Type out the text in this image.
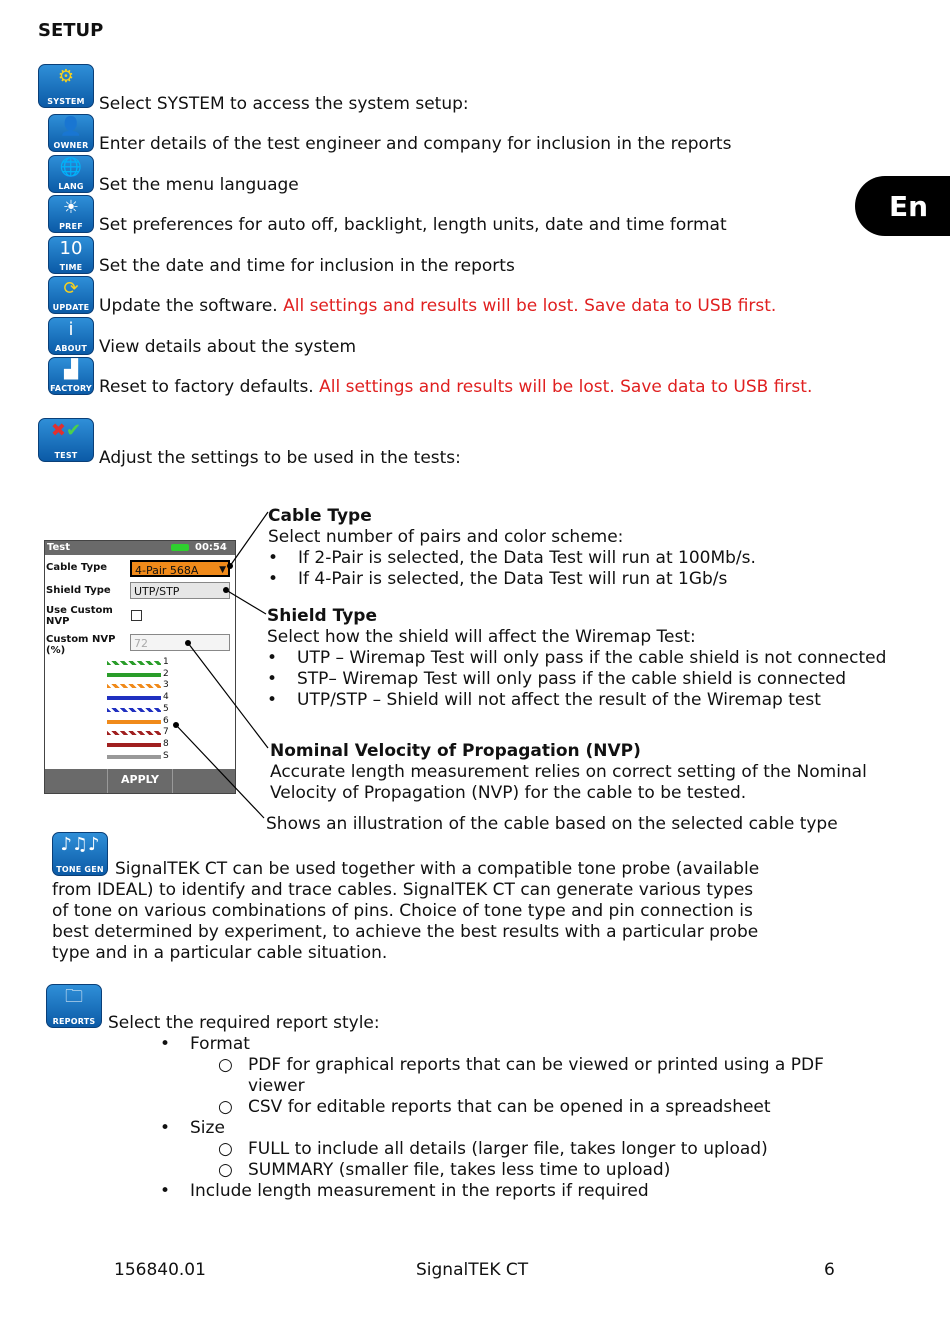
SETUP
En
⚙
SYSTEM Select SYSTEM to access the system setup:
👤
OWNER Enter details of the test engineer and company for inclusion in the reports
🌐
LANG Set the menu language
☀
PREF Set preferences for auto off, backlight, length units, date and time format
10
TIME Set the date and time for inclusion in the reports
⟳
UPDATE Update the software. All settings and results will be lost. Save data to USB first.
i
ABOUT View details about the system
▟
FACTORY Reset to factory defaults. All settings and results will be lost. Save data to USB first.
✖✔
TEST	Adjust the settings to be used in the tests:
Test	00:54
Cable Type	4-Pair 568A ▼
Shield Type	UTP/STP
Use Custom NVP
Custom NVP (%)
72
1
2
3
4
5
6
7
8
S
APPLY
Cable Type
Select number of pairs and color scheme:
• If 2-Pair is selected, the Data Test will run at 100Mb/s.
• If 4-Pair is selected, the Data Test will run at 1Gb/s
Shield Type
Select how the shield will affect the Wiremap Test:
• UTP – Wiremap Test will only pass if the cable shield is not connected
• STP– Wiremap Test will only pass if the cable shield is connected
• UTP/STP – Shield will not affect the result of the Wiremap test
Nominal Velocity of Propagation (NVP)
Accurate length measurement relies on correct setting of the Nominal
Velocity of Propagation (NVP) for the cable to be tested.
Shows an illustration of the cable based on the selected cable type
♪♫♪
TONE GEN SignalTEK CT can be used together with a compatible tone probe (available
from IDEAL) to identify and trace cables. SignalTEK CT can generate various types
of tone on various combinations of pins. Choice of tone type and pin connection is
best determined by experiment, to achieve the best results with a particular probe
type and in a particular cable situation.
🗀
REPORTS Select the required report style:
• Format
○ PDF for graphical reports that can be viewed or printed using a PDF
viewer
○ CSV for editable reports that can be opened in a spreadsheet
• Size
○ FULL to include all details (larger file, takes longer to upload)
○ SUMMARY (smaller file, takes less time to upload)
• Include length measurement in the reports if required
156840.01	SignalTEK CT	6
